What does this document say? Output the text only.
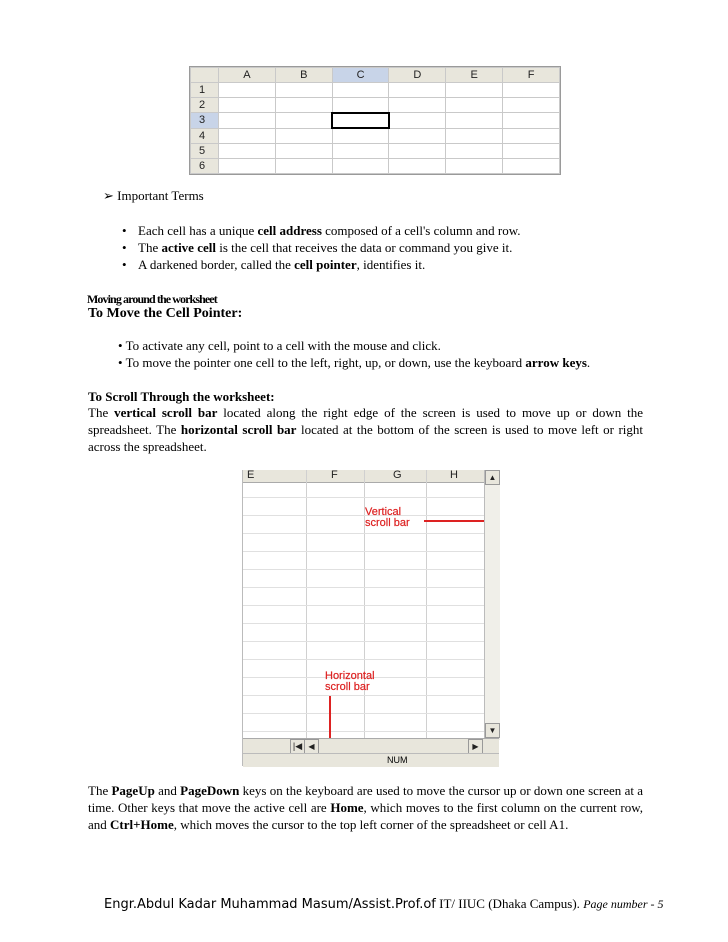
	A	B	C	D	E	F
1						
2						
3						
4						
5						
6						
➢ Important Terms
• Each cell has a unique cell address composed of a cell's column and row.
• The active cell is the cell that receives the data or command you give it.
• A darkened border, called the cell pointer, identifies it.
Moving around the worksheet
To Move the Cell Pointer:
• To activate any cell, point to a cell with the mouse and click.
• To move the pointer one cell to the left, right, up, or down, use the keyboard arrow keys.
To Scroll Through the worksheet:
The vertical scroll bar located along the right edge of the screen is used to move up or down the spreadsheet. The horizontal scroll bar located at the bottom of the screen is used to move left or right across the spreadsheet.
E	F	G	H	▲
▼
|◀ ◀	▶
NUM
Vertical
scroll bar
Horizontal
scroll bar
The PageUp and PageDown keys on the keyboard are used to move the cursor up or down one screen at a time. Other keys that move the active cell are Home, which moves to the first column on the current row, and Ctrl+Home, which moves the cursor to the top left corner of the spreadsheet or cell A1.
Engr.Abdul Kadar Muhammad Masum/Assist.Prof.of IT/ IIUC (Dhaka Campus). Page number - 5
